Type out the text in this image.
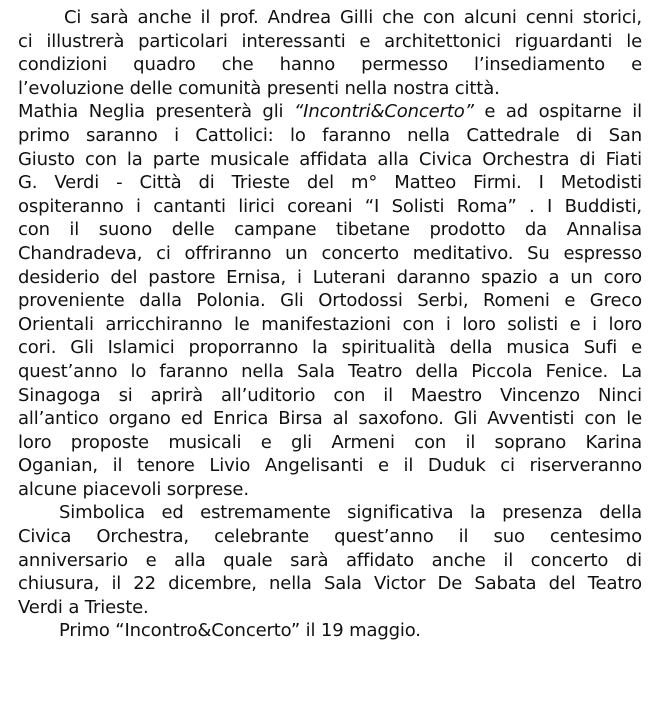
Ci sarà anche il prof. Andrea Gilli che con alcuni cenni storici,
ci illustrerà particolari interessanti e architettonici riguardanti le
condizioni quadro che hanno permesso l’insediamento e
l’evoluzione delle comunità presenti nella nostra città.
Mathia Neglia presenterà gli “Incontri&Concerto” e ad ospitarne il
primo saranno i Cattolici: lo faranno nella Cattedrale di San
Giusto con la parte musicale affidata alla Civica Orchestra di Fiati
G. Verdi - Città di Trieste del m° Matteo Firmi. I Metodisti
ospiteranno i cantanti lirici coreani “I Solisti Roma” . I Buddisti,
con il suono delle campane tibetane prodotto da Annalisa
Chandradeva, ci offriranno un concerto meditativo. Su espresso
desiderio del pastore Ernisa, i Luterani daranno spazio a un coro
proveniente dalla Polonia. Gli Ortodossi Serbi, Romeni e Greco
Orientali arricchiranno le manifestazioni con i loro solisti e i loro
cori. Gli Islamici proporranno la spiritualità della musica Sufi e
quest’anno lo faranno nella Sala Teatro della Piccola Fenice. La
Sinagoga si aprirà all’uditorio con il Maestro Vincenzo Ninci
all’antico organo ed Enrica Birsa al saxofono. Gli Avventisti con le
loro proposte musicali e gli Armeni con il soprano Karina
Oganian, il tenore Livio Angelisanti e il Duduk ci riserveranno
alcune piacevoli sorprese.
Simbolica ed estremamente significativa la presenza della
Civica Orchestra, celebrante quest’anno il suo centesimo
anniversario e alla quale sarà affidato anche il concerto di
chiusura, il 22 dicembre, nella Sala Victor De Sabata del Teatro
Verdi a Trieste.
Primo “Incontro&Concerto” il 19 maggio.
